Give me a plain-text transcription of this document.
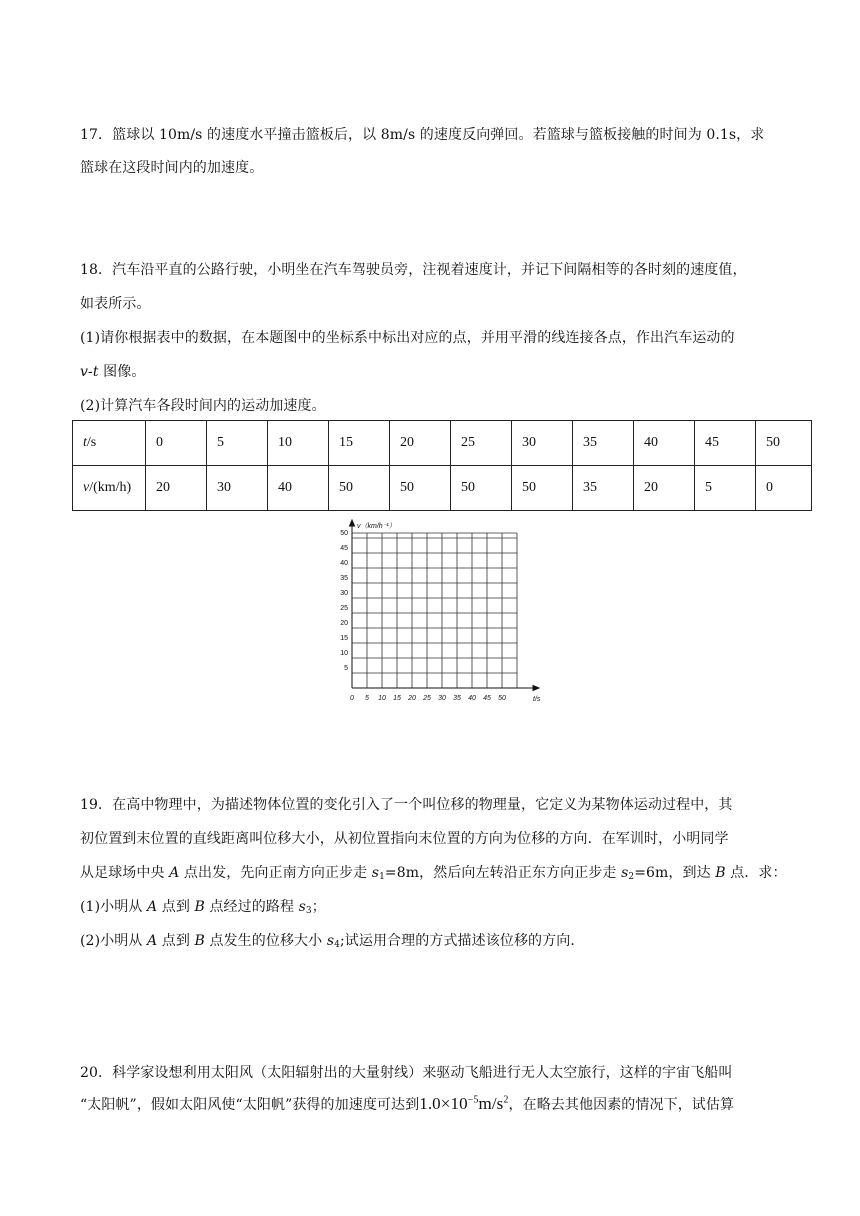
17．篮球以 10m/s 的速度水平撞击篮板后，以 8m/s 的速度反向弹回。若篮球与篮板接触的时间为 0.1s，求
篮球在这段时间内的加速度。
18．汽车沿平直的公路行驶，小明坐在汽车驾驶员旁，注视着速度计，并记下间隔相等的各时刻的速度值，
如表所示。
(1)请你根据表中的数据，在本题图中的坐标系中标出对应的点，并用平滑的线连接各点，作出汽车运动的
v-t 图像。
(2)计算汽车各段时间内的运动加速度。
t/s	0	5	10	15	20	25	30	35	40	45	50
v/(km/h)	20	30	40	50	50	50	50	35	20	5	0
v（km/h⁻¹）
t/s
0 5 10 15 20 25 30 35 40 45 50
5
10
15
20
25
30
35
40
45
50
19．在高中物理中，为描述物体位置的变化引入了一个叫位移的物理量，它定义为某物体运动过程中，其
初位置到末位置的直线距离叫位移大小，从初位置指向末位置的方向为位移的方向．在军训时，小明同学
从足球场中央 A 点出发，先向正南方向正步走 $s_1=8m$，然后向左转沿正东方向正步走 $s_2=6m$，到达 B 点．求：
(1)小明从 A 点到 B 点经过的路程 $s_3$；
(2)小明从 A 点到 B 点发生的位移大小 $s_4$;试运用合理的方式描述该位移的方向．
20．科学家设想利用太阳风（太阳辐射出的大量射线）来驱动飞船进行无人太空旅行，这样的宇宙飞船叫
“太阳帆”，假如太阳风使“太阳帆”获得的加速度可达到$1.0\times 10^{-5}m/s^2$，在略去其他因素的情况下，试估算
